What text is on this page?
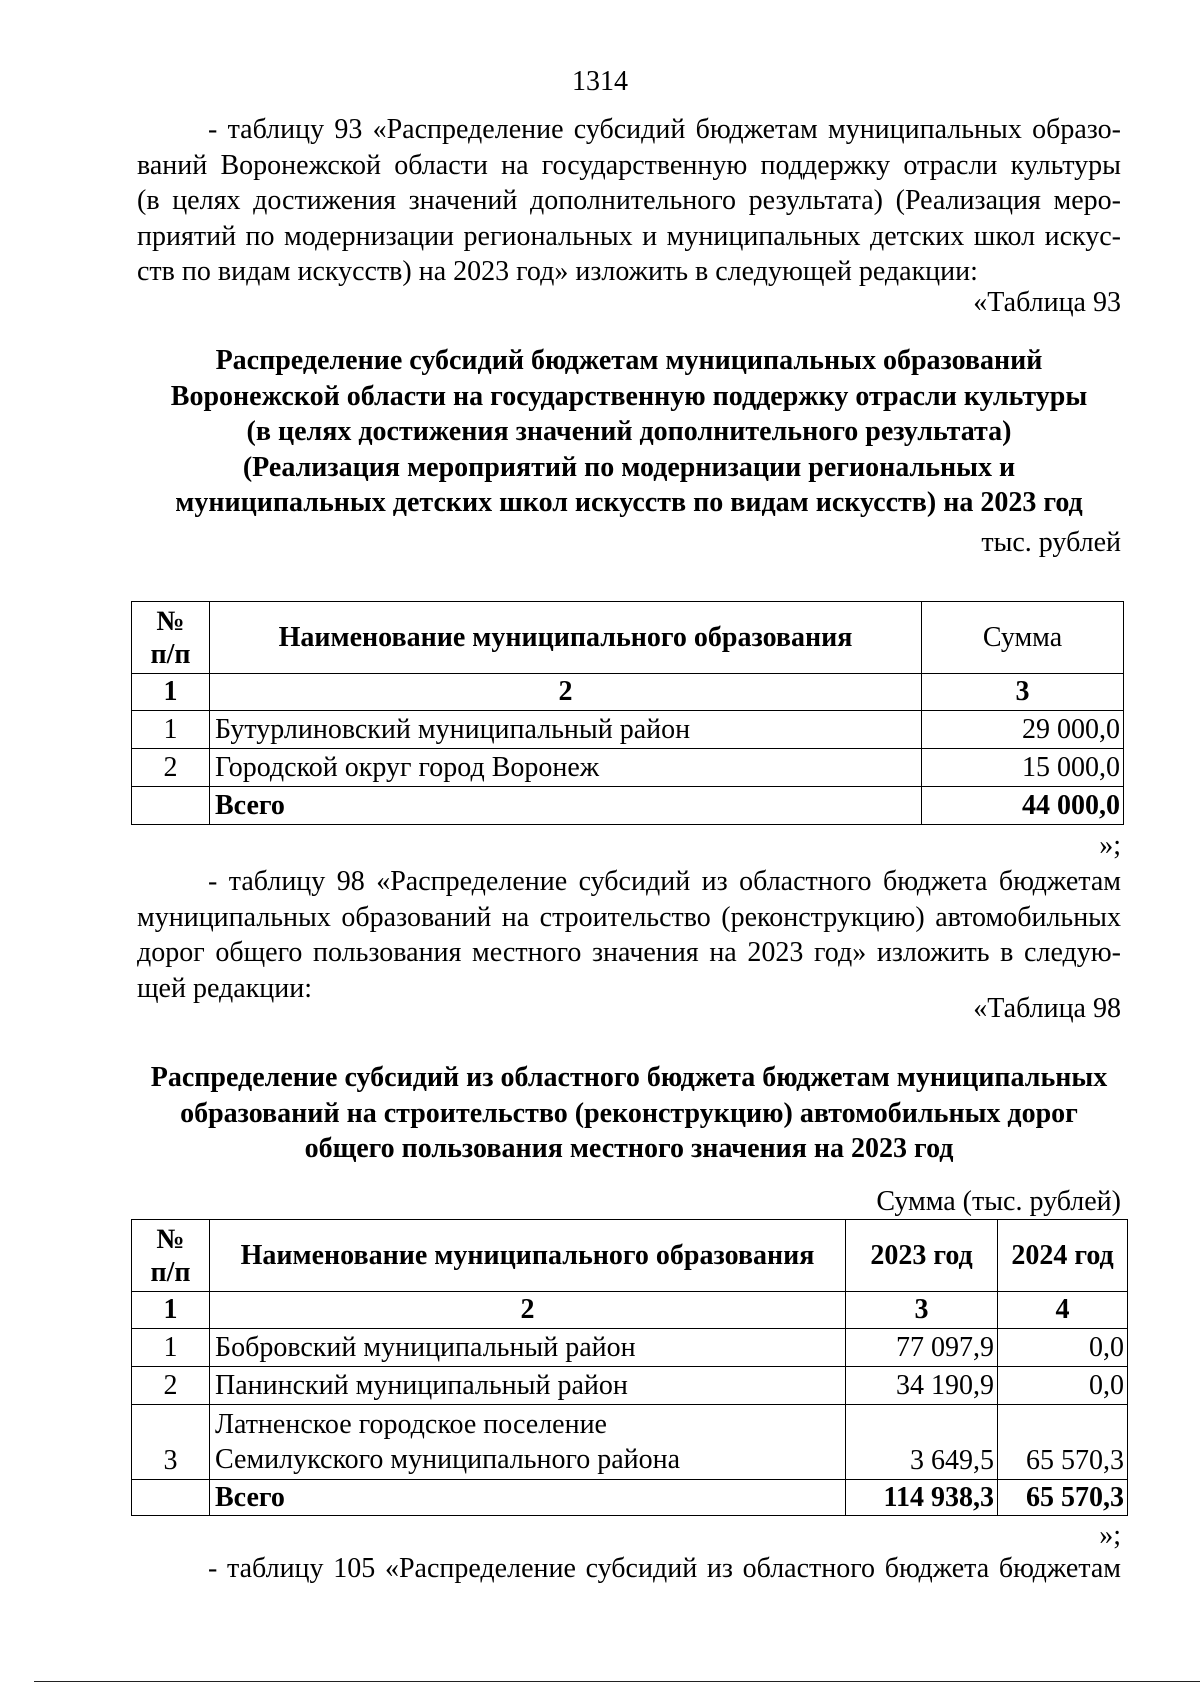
1314
- таблицу 93 «Распределение субсидий бюджетам муниципальных образо-
ваний Воронежской области на государственную поддержку отрасли культуры
(в целях достижения значений дополнительного результата) (Реализация меро-
приятий по модернизации региональных и муниципальных детских школ искус-
ств по видам искусств) на 2023 год» изложить в следующей редакции:
«Таблица 93
Распределение субсидий бюджетам муниципальных образований
Воронежской области на государственную поддержку отрасли культуры
(в целях достижения значений дополнительного результата)
(Реализация мероприятий по модернизации региональных и
муниципальных детских школ искусств по видам искусств) на 2023 год
тыс. рублей
№
п/п	Наименование муниципального образования	Сумма
1	2	3
1	Бутурлиновский муниципальный район	29 000,0
2	Городской округ город Воронеж	15 000,0
	Всего	44 000,0
»;
- таблицу 98 «Распределение субсидий из областного бюджета бюджетам
муниципальных образований на строительство (реконструкцию) автомобильных
дорог общего пользования местного значения на 2023 год» изложить в следую-
щей редакции:
«Таблица 98
Распределение субсидий из областного бюджета бюджетам муниципальных
образований на строительство (реконструкцию) автомобильных дорог
общего пользования местного значения на 2023 год
Сумма (тыс. рублей)
№
п/п	Наименование муниципального образования	2023 год	2024 год
1	2	3	4
1	Бобровский муниципальный район	77 097,9	0,0
2	Панинский муниципальный район	34 190,9	0,0
3	Латненское городское поселение
Семилукского муниципального района	3 649,5	65 570,3
	Всего	114 938,3	65 570,3
»;
- таблицу 105 «Распределение субсидий из областного бюджета бюджетам
